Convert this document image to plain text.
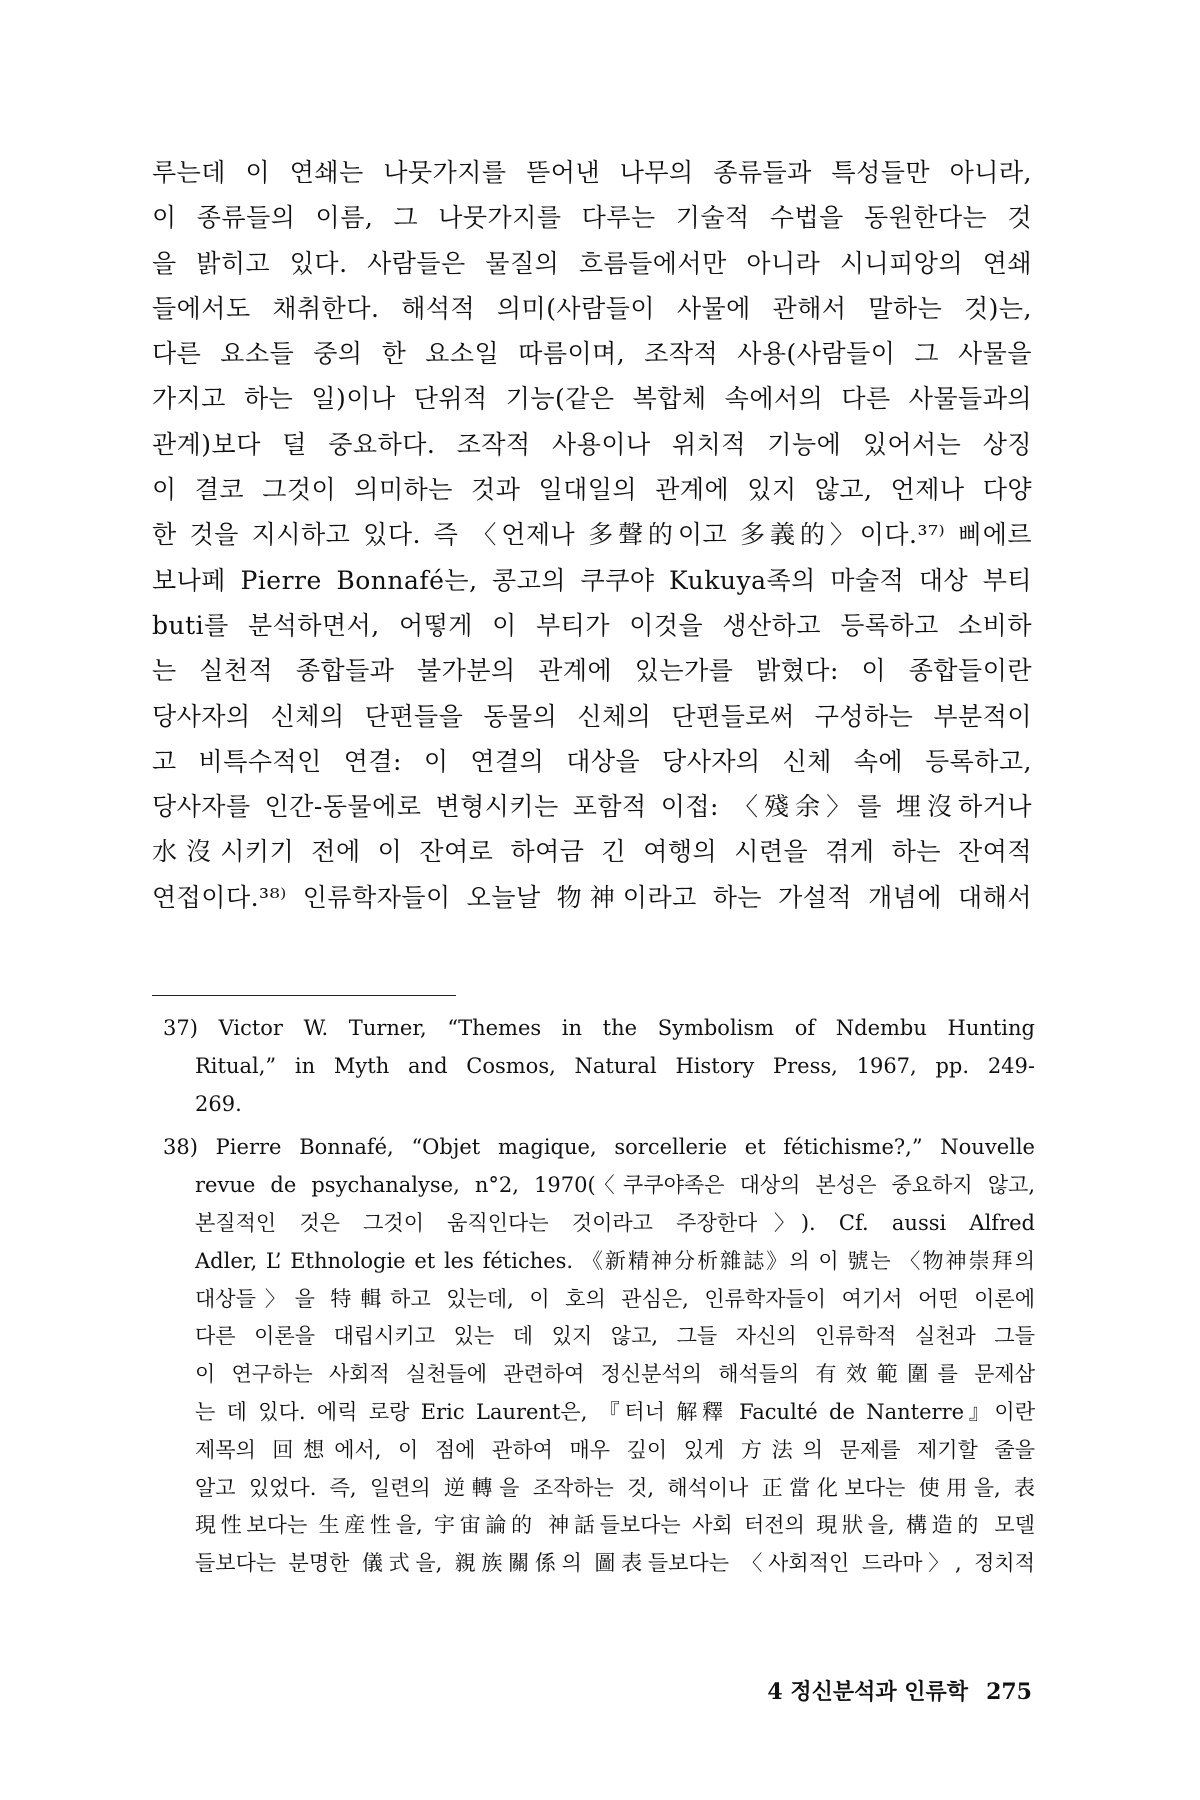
루는데 이 연쇄는 나뭇가지를 뜯어낸 나무의 종류들과 특성들만 아니라,
이 종류들의 이름, 그 나뭇가지를 다루는 기술적 수법을 동원한다는 것
을 밝히고 있다. 사람들은 물질의 흐름들에서만 아니라 시니피앙의 연쇄
들에서도 채취한다. 해석적 의미(사람들이 사물에 관해서 말하는 것)는,
다른 요소들 중의 한 요소일 따름이며, 조작적 사용(사람들이 그 사물을
가지고 하는 일)이나 단위적 기능(같은 복합체 속에서의 다른 사물들과의
관계)보다 덜 중요하다. 조작적 사용이나 위치적 기능에 있어서는 상징
이 결코 그것이 의미하는 것과 일대일의 관계에 있지 않고, 언제나 다양
한 것을 지시하고 있다. 즉 〈언제나 多聲的이고 多義的〉이다.³⁷⁾ 삐에르
보나페 Pierre Bonnafé는, 콩고의 쿠쿠야 Kukuya족의 마술적 대상 부티
buti를 분석하면서, 어떻게 이 부티가 이것을 생산하고 등록하고 소비하
는 실천적 종합들과 불가분의 관계에 있는가를 밝혔다: 이 종합들이란
당사자의 신체의 단편들을 동물의 신체의 단편들로써 구성하는 부분적이
고 비특수적인 연결: 이 연결의 대상을 당사자의 신체 속에 등록하고,
당사자를 인간-동물에로 변형시키는 포함적 이접: 〈殘余〉를 埋沒하거나
水沒시키기 전에 이 잔여로 하여금 긴 여행의 시련을 겪게 하는 잔여적
연접이다.³⁸⁾ 인류학자들이 오늘날 物神이라고 하는 가설적 개념에 대해서
37) Victor W. Turner, “Themes in the Symbolism of Ndembu Hunting
Ritual,” in Myth and Cosmos, Natural History Press, 1967, pp. 249-
269.
38) Pierre Bonnafé, “Objet magique, sorcellerie et fétichisme?,” Nouvelle
revue de psychanalyse, n°2, 1970(〈쿠쿠야족은 대상의 본성은 중요하지 않고,
본질적인 것은 그것이 움직인다는 것이라고 주장한다〉). Cf. aussi Alfred
Adler, L’ Ethnologie et les fétiches. 《新精神分析雜誌》의 이 號는 〈物神崇拜의
대상들〉을 特輯하고 있는데, 이 호의 관심은, 인류학자들이 여기서 어떤 이론에
다른 이론을 대립시키고 있는 데 있지 않고, 그들 자신의 인류학적 실천과 그들
이 연구하는 사회적 실천들에 관련하여 정신분석의 해석들의 有效範圍를 문제삼
는 데 있다. 에릭 로랑 Eric Laurent은, 『터너 解釋 Faculté de Nanterre』이란
제목의 回想에서, 이 점에 관하여 매우 깊이 있게 方法의 문제를 제기할 줄을
알고 있었다. 즉, 일련의 逆轉을 조작하는 것, 해석이나 正當化보다는 使用을, 表
現性보다는 生産性을, 宇宙論的 神話들보다는 사회 터전의 現狀을, 構造的 모델
들보다는 분명한 儀式을, 親族關係의 圖表들보다는 〈사회적인 드라마〉, 정치적
4 정신분석과 인류학 275
